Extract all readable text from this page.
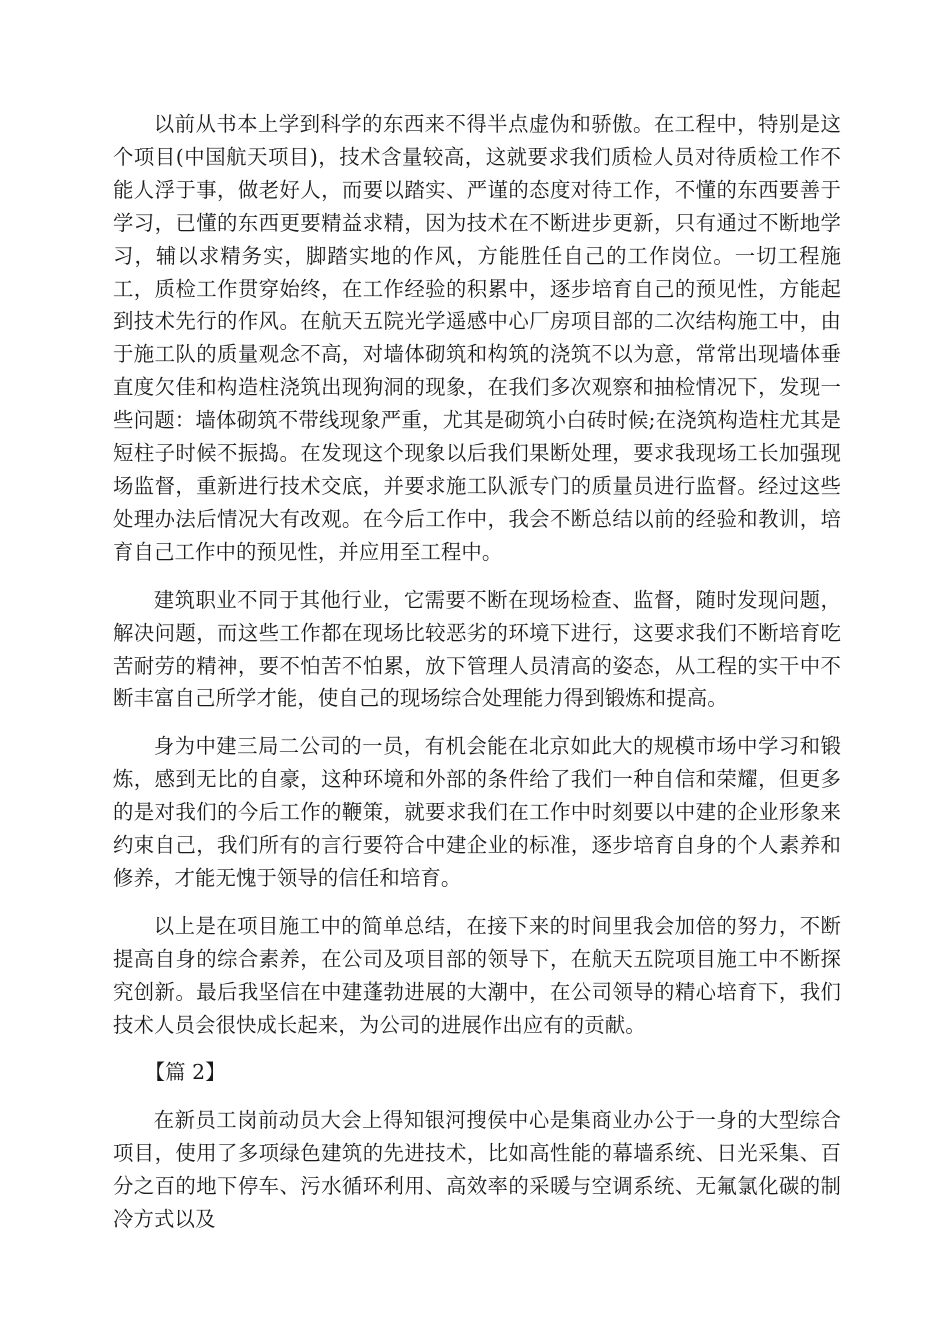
以前从书本上学到科学的东西来不得半点虚伪和骄傲。在工程中，特别是这个项目(中国航天项目)，技术含量较高，这就要求我们质检人员对待质检工作不能人浮于事，做老好人，而要以踏实、严谨的态度对待工作，不懂的东西要善于学习，已懂的东西更要精益求精，因为技术在不断进步更新，只有通过不断地学习，辅以求精务实，脚踏实地的作风，方能胜任自己的工作岗位。一切工程施工，质检工作贯穿始终，在工作经验的积累中，逐步培育自己的预见性，方能起到技术先行的作风。在航天五院光学遥感中心厂房项目部的二次结构施工中，由于施工队的质量观念不高，对墙体砌筑和构筑的浇筑不以为意，常常出现墙体垂直度欠佳和构造柱浇筑出现狗洞的现象，在我们多次观察和抽检情况下，发现一些问题：墙体砌筑不带线现象严重，尤其是砌筑小白砖时候;在浇筑构造柱尤其是短柱子时候不振捣。在发现这个现象以后我们果断处理，要求我现场工长加强现场监督，重新进行技术交底，并要求施工队派专门的质量员进行监督。经过这些处理办法后情况大有改观。在今后工作中，我会不断总结以前的经验和教训，培育自己工作中的预见性，并应用至工程中。

建筑职业不同于其他行业，它需要不断在现场检查、监督，随时发现问题，解决问题，而这些工作都在现场比较恶劣的环境下进行，这要求我们不断培育吃苦耐劳的精神，要不怕苦不怕累，放下管理人员清高的姿态，从工程的实干中不断丰富自己所学才能，使自己的现场综合处理能力得到锻炼和提高。

身为中建三局二公司的一员，有机会能在北京如此大的规模市场中学习和锻炼，感到无比的自豪，这种环境和外部的条件给了我们一种自信和荣耀，但更多的是对我们的今后工作的鞭策，就要求我们在工作中时刻要以中建的企业形象来约束自己，我们所有的言行要符合中建企业的标准，逐步培育自身的个人素养和修养，才能无愧于领导的信任和培育。

以上是在项目施工中的简单总结，在接下来的时间里我会加倍的努力，不断提高自身的综合素养，在公司及项目部的领导下，在航天五院项目施工中不断探究创新。最后我坚信在中建蓬勃进展的大潮中，在公司领导的精心培育下，我们技术人员会很快成长起来，为公司的进展作出应有的贡献。

【篇 2】

在新员工岗前动员大会上得知银河搜侯中心是集商业办公于一身的大型综合项目，使用了多项绿色建筑的先进技术，比如高性能的幕墙系统、日光采集、百分之百的地下停车、污水循环利用、高效率的采暖与空调系统、无氟氯化碳的制冷方式以及
